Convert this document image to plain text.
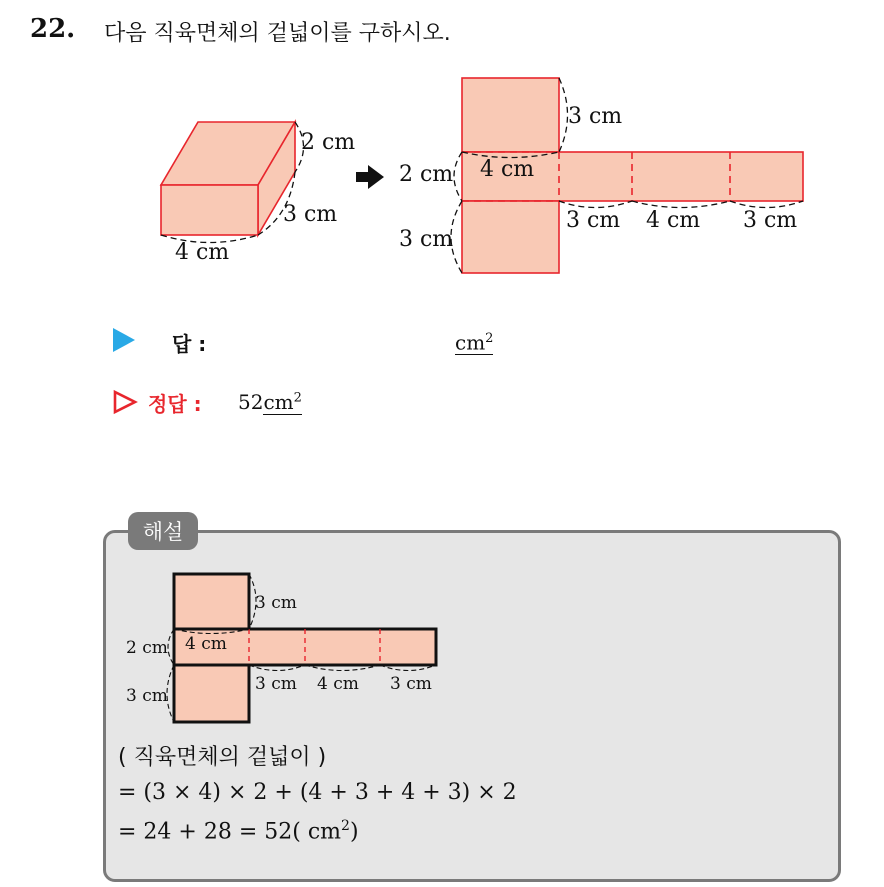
22. 다음 직육면체의 겉넓이를 구하시오.
2 cm
3 cm
4 cm
3 cm
2 cm 4 cm
3 cm
3 cm 4 cm 3 cm
답 :	$cm^2$
정답 : $52cm^2$
해설
3 cm
2 cm 4 cm
3 cm
3 cm 4 cm 3 cm
( 직육면체의 겉넓이 )
= (3 × 4) × 2 + (4 + 3 + 4 + 3) × 2
= 24 + 28 = 52( $cm^2$)
